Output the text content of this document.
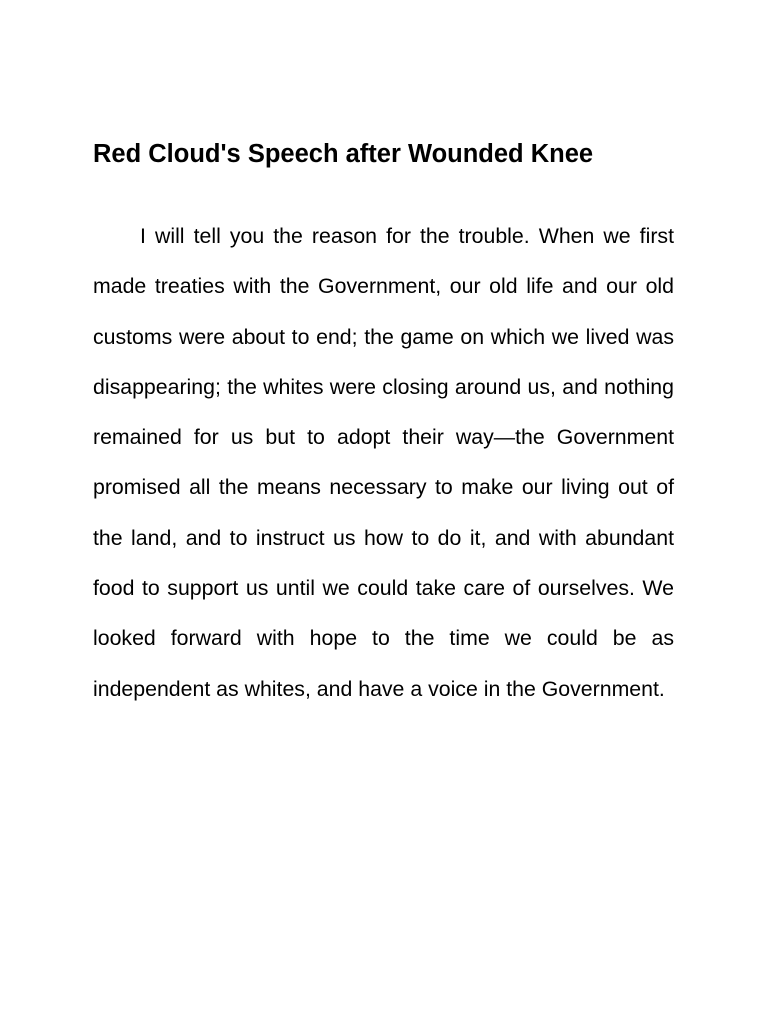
Red Cloud's Speech after Wounded Knee

I will tell you the reason for the trouble. When we first made treaties with the Government, our old life and our old customs were about to end; the game on which we lived was disappearing; the whites were closing around us, and nothing remained for us but to adopt their way—the Government promised all the means necessary to make our living out of the land, and to instruct us how to do it, and with abundant food to support us until we could take care of ourselves. We looked forward with hope to the time we could be as independent as whites, and have a voice in the Government.
